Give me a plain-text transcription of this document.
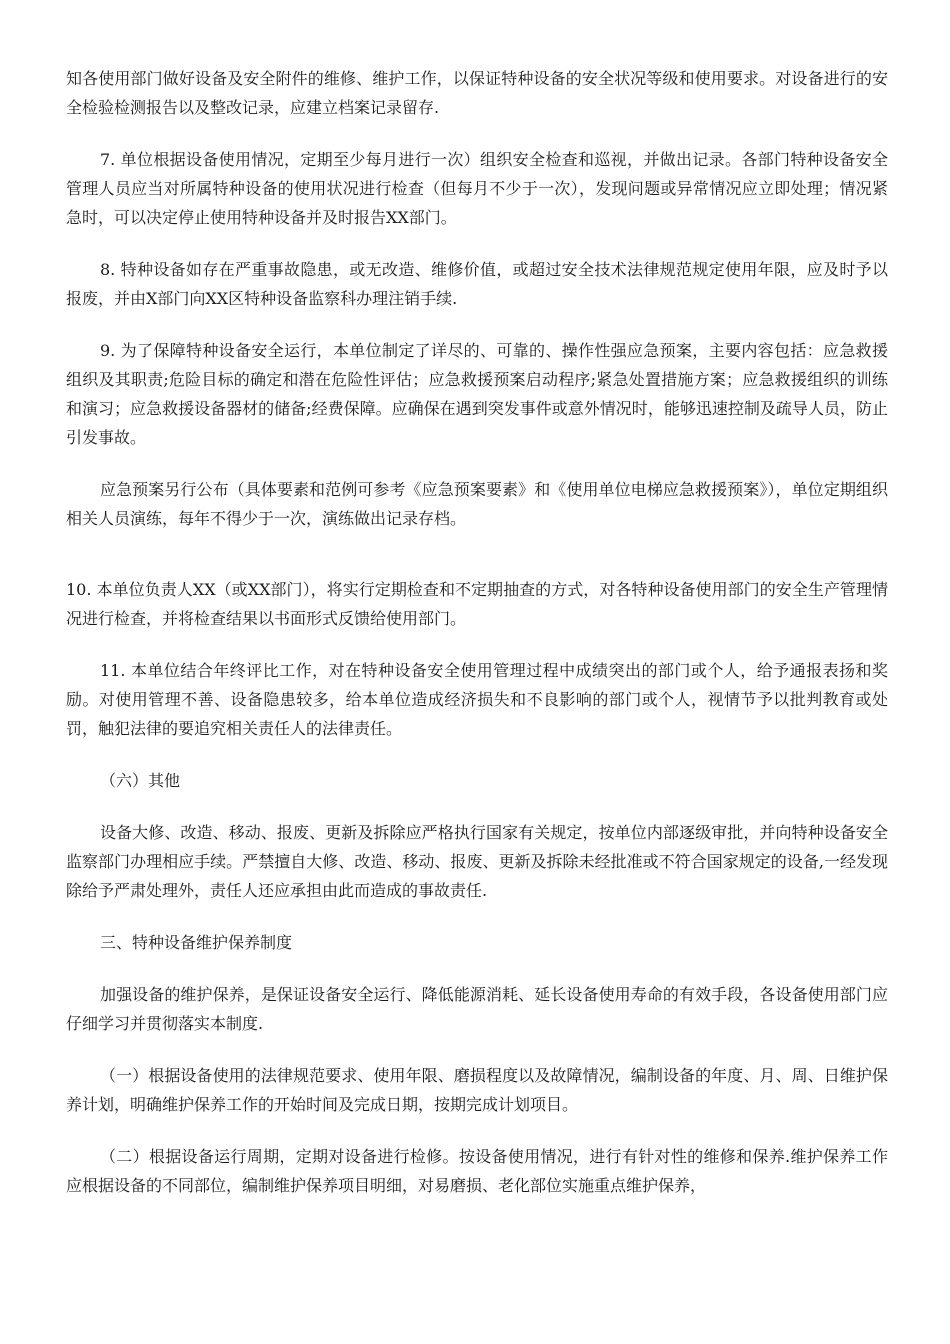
知各使用部门做好设备及安全附件的维修、维护工作，以保证特种设备的安全状况等级和使用要求。对设备进行的安全检验检测报告以及整改记录，应建立档案记录留存.

7. 单位根据设备使用情况，定期至少每月进行一次）组织安全检查和巡视，并做出记录。各部门特种设备安全管理人员应当对所属特种设备的使用状况进行检查（但每月不少于一次），发现问题或异常情况应立即处理；情况紧急时，可以决定停止使用特种设备并及时报告XX部门。

8. 特种设备如存在严重事故隐患，或无改造、维修价值，或超过安全技术法律规范规定使用年限，应及时予以报废，并由X部门向XX区特种设备监察科办理注销手续.

9. 为了保障特种设备安全运行，本单位制定了详尽的、可靠的、操作性强应急预案，主要内容包括：应急救援组织及其职责;危险目标的确定和潜在危险性评估；应急救援预案启动程序;紧急处置措施方案；应急救援组织的训练和演习；应急救援设备器材的储备;经费保障。应确保在遇到突发事件或意外情况时，能够迅速控制及疏导人员，防止引发事故。

应急预案另行公布（具体要素和范例可参考《应急预案要素》和《使用单位电梯应急救援预案》），单位定期组织相关人员演练，每年不得少于一次，演练做出记录存档。

10. 本单位负责人XX（或XX部门），将实行定期检查和不定期抽查的方式，对各特种设备使用部门的安全生产管理情况进行检查，并将检查结果以书面形式反馈给使用部门。

11. 本单位结合年终评比工作，对在特种设备安全使用管理过程中成绩突出的部门或个人，给予通报表扬和奖励。对使用管理不善、设备隐患较多，给本单位造成经济损失和不良影响的部门或个人，视情节予以批判教育或处罚，触犯法律的要追究相关责任人的法律责任。

（六）其他

设备大修、改造、移动、报废、更新及拆除应严格执行国家有关规定，按单位内部逐级审批，并向特种设备安全监察部门办理相应手续。严禁擅自大修、改造、移动、报废、更新及拆除未经批准或不符合国家规定的设备,一经发现除给予严肃处理外，责任人还应承担由此而造成的事故责任.

三、特种设备维护保养制度

加强设备的维护保养，是保证设备安全运行、降低能源消耗、延长设备使用寿命的有效手段，各设备使用部门应仔细学习并贯彻落实本制度.

（一）根据设备使用的法律规范要求、使用年限、磨损程度以及故障情况，编制设备的年度、月、周、日维护保养计划，明确维护保养工作的开始时间及完成日期，按期完成计划项目。

（二）根据设备运行周期，定期对设备进行检修。按设备使用情况，进行有针对性的维修和保养.维护保养工作应根据设备的不同部位，编制维护保养项目明细，对易磨损、老化部位实施重点维护保养，
